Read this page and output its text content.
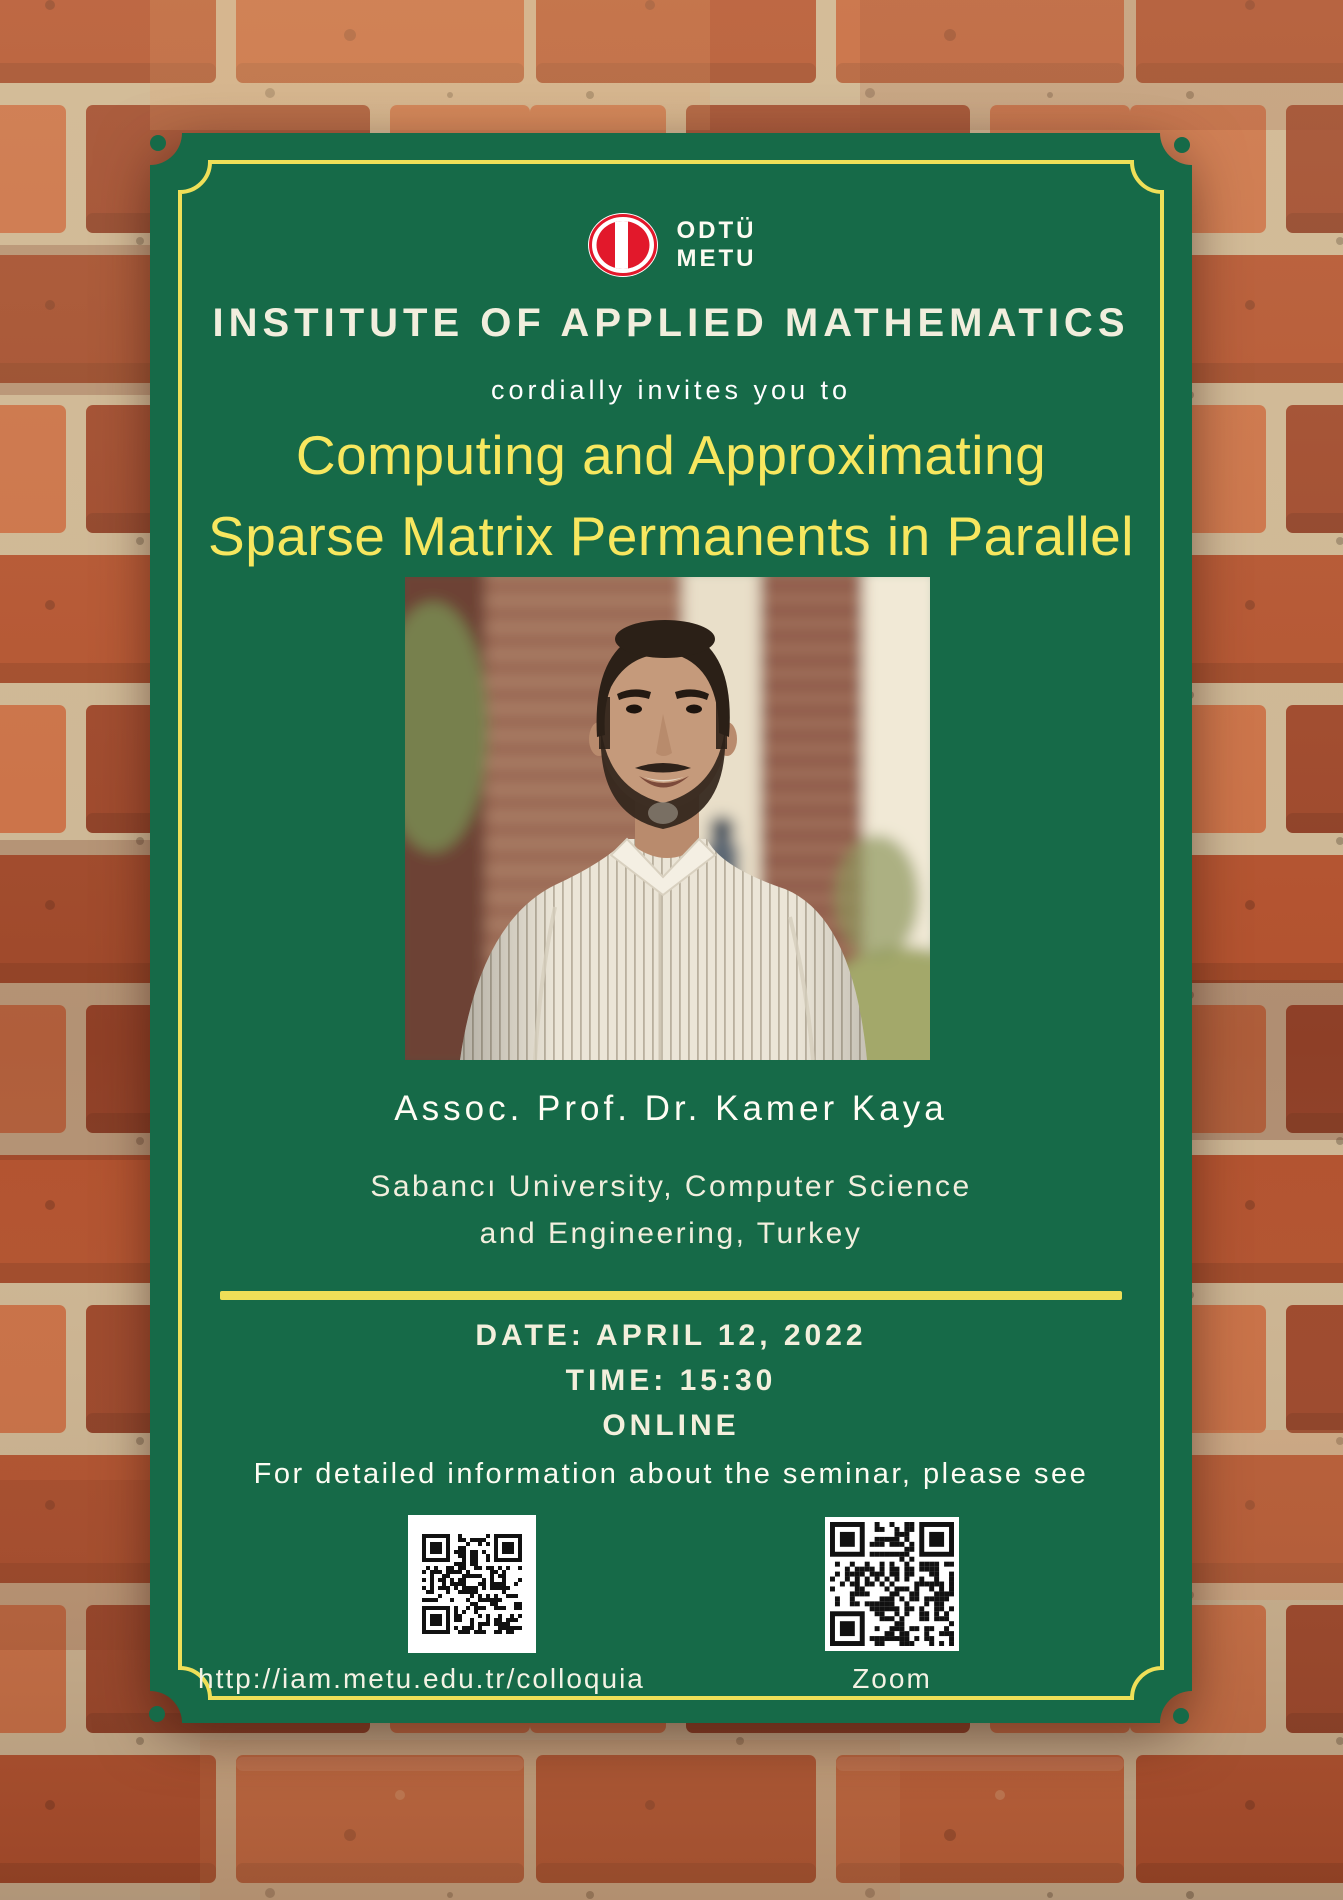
ODTÜ
METU
INSTITUTE OF APPLIED MATHEMATICS
cordially invites you to
Computing and Approximating
Sparse Matrix Permanents in Parallel
Assoc. Prof. Dr. Kamer Kaya
Sabancı University, Computer Science
and Engineering, Turkey
DATE: APRIL 12, 2022
TIME: 15:30
ONLINE
For detailed information about the seminar, please see
http://iam.metu.edu.tr/colloquia	Zoom
